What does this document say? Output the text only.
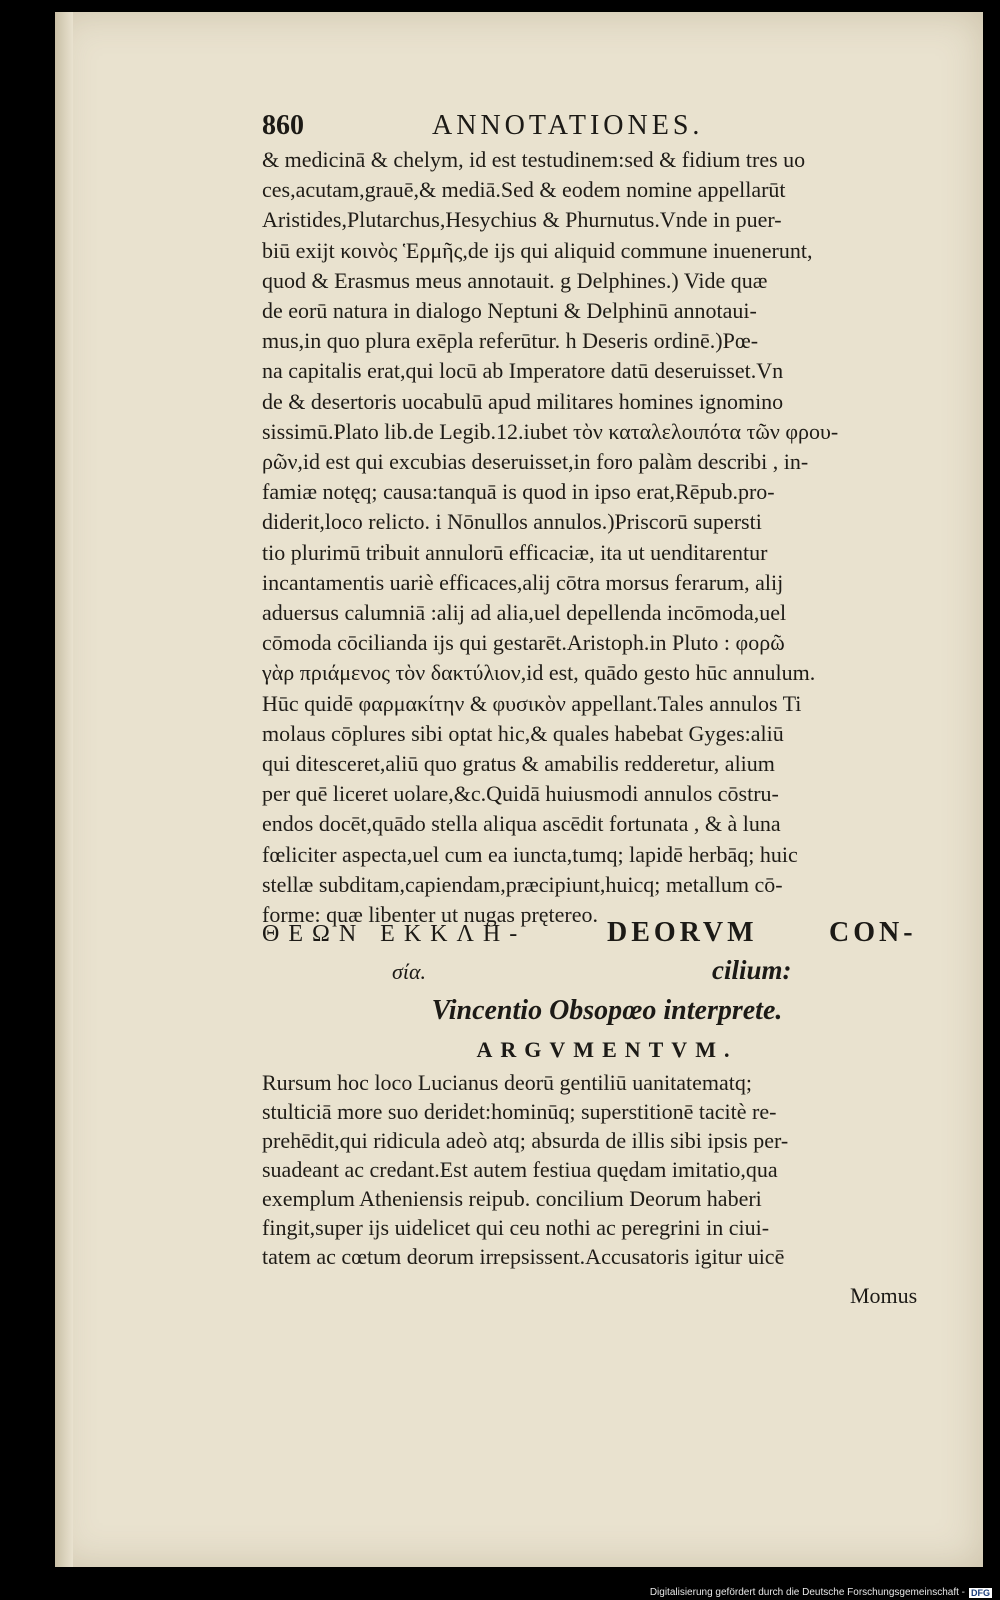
860	ANNOTATIONES.
& medicinā & chelym, id est testudinem:sed & fidium tres uo
ces,acutam,grauē,& mediā.Sed & eodem nomine appellarūt
Aristides,Plutarchus,Hesychius & Phurnutus.Vnde in puer-
biū exijt κοινὸς Ἑρμῆς,de ijs qui aliquid commune inuenerunt,
quod & Erasmus meus annotauit. g Delphines.) Vide quæ
de eorū natura in dialogo Neptuni & Delphinū annotaui-
mus,in quo plura exēpla referūtur. h Deseris ordinē.)Pœ-
na capitalis erat,qui locū ab Imperatore datū deseruisset.Vn
de & desertoris uocabulū apud militares homines ignomino
sissimū.Plato lib.de Legib.12.iubet τὸν καταλελοιπότα τῶν φρου-
ρῶν,id est qui excubias deseruisset,in foro palàm describi , in-
famiæ notęq; causa:tanquā is quod in ipso erat,Rēpub.pro-
diderit,loco relicto. i Nōnullos annulos.)Priscorū supersti
tio plurimū tribuit annulorū efficaciæ, ita ut uenditarentur
incantamentis uariè efficaces,alij cōtra morsus ferarum, alij
aduersus calumniā :alij ad alia,uel depellenda incōmoda,uel
cōmoda cōcilianda ijs qui gestarēt.Aristoph.in Pluto : φορῶ
γὰρ πριάμενος τὸν δακτύλιον,id est, quādo gesto hūc annulum.
Hūc quidē φαρμακίτην & φυσικὸν appellant.Tales annulos Ti
molaus cōplures sibi optat hic,& quales habebat Gyges:aliū
qui ditesceret,aliū quo gratus & amabilis redderetur, alium
per quē liceret uolare,&c.Quidā huiusmodi annulos cōstru-
endos docēt,quādo stella aliqua ascēdit fortunata , & à luna
fœliciter aspecta,uel cum ea iuncta,tumq; lapidē herbāq; huic
stellæ subditam,capiendam,præcipiunt,huicq; metallum cō-
forme: quæ libenter ut nugas prętereo.
ΘΕΩΝ ΕΚΚΛΗ-	DEORVM	CON-
σία.	cilium:
Vincentio Obsopœo interprete.
ARGVMENTVM.
Rursum hoc loco Lucianus deorū gentiliū uanitatematq;
stulticiā more suo deridet:hominūq; superstitionē tacitè re-
prehēdit,qui ridicula adeò atq; absurda de illis sibi ipsis per-
suadeant ac credant.Est autem festiua quędam imitatio,qua
exemplum Atheniensis reipub. concilium Deorum haberi
fingit,super ijs uidelicet qui ceu nothi ac peregrini in ciui-
tatem ac cœtum deorum irrepsissent.Accusatoris igitur uicē
Momus
Digitalisierung gefördert durch die Deutsche Forschungsgemeinschaft - DFG
